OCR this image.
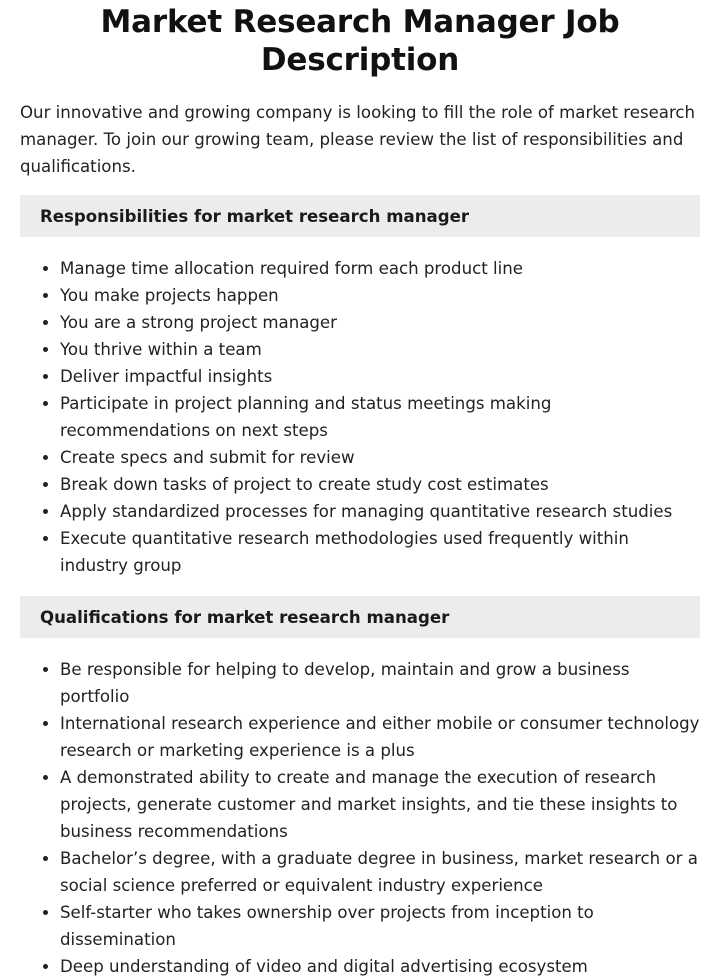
Market Research Manager Job Description

Our innovative and growing company is looking to fill the role of market research manager. To join our growing team, please review the list of responsibilities and qualifications.

Responsibilities for market research manager
• Manage time allocation required form each product line
• You make projects happen
• You are a strong project manager
• You thrive within a team
• Deliver impactful insights
• Participate in project planning and status meetings making recommendations on next steps
• Create specs and submit for review
• Break down tasks of project to create study cost estimates
• Apply standardized processes for managing quantitative research studies
• Execute quantitative research methodologies used frequently within industry group
Qualifications for market research manager
• Be responsible for helping to develop, maintain and grow a business portfolio
• International research experience and either mobile or consumer technology research or marketing experience is a plus
• A demonstrated ability to create and manage the execution of research projects, generate customer and market insights, and tie these insights to business recommendations
• Bachelor’s degree, with a graduate degree in business, market research or a social science preferred or equivalent industry experience
• Self-starter who takes ownership over projects from inception to dissemination
• Deep understanding of video and digital advertising ecosystem
